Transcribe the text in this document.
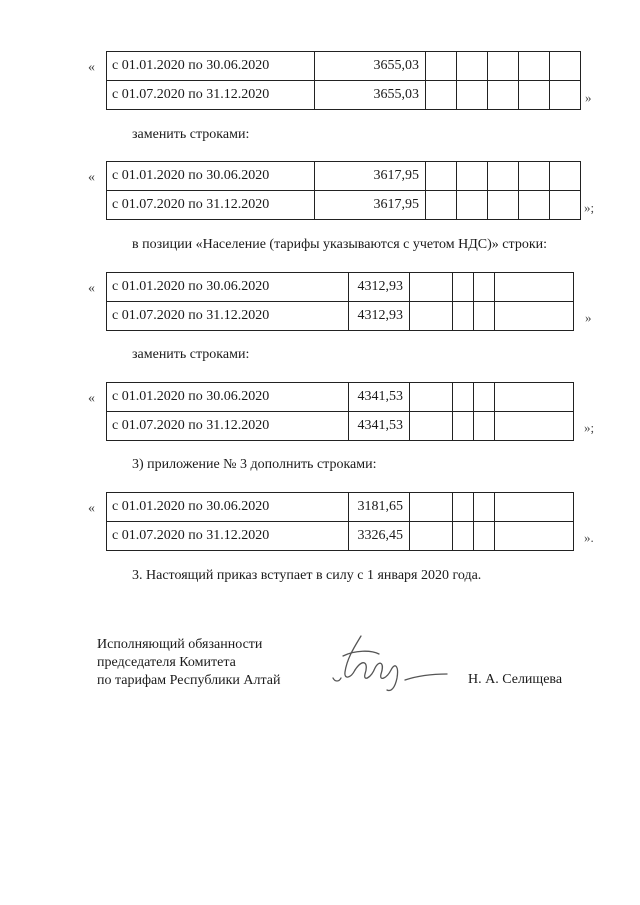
« с 01.01.2020 по 30.06.2020	3655,03					
с 01.07.2020 по 31.12.2020	3655,03						»
заменить строками:
« с 01.01.2020 по 30.06.2020	3617,95					
с 01.07.2020 по 31.12.2020	3617,95						»;
в позиции «Население (тарифы указываются с учетом НДС)» строки:
« с 01.01.2020 по 30.06.2020	4312,93				
с 01.07.2020 по 31.12.2020	4312,93					»
заменить строками:
« с 01.01.2020 по 30.06.2020	4341,53				
с 01.07.2020 по 31.12.2020	4341,53					»;
3) приложение № 3 дополнить строками:
« с 01.01.2020 по 30.06.2020	3181,65				
с 01.07.2020 по 31.12.2020	3326,45					».
3. Настоящий приказ вступает в силу с 1 января 2020 года.
Исполняющий обязанности
председателя Комитета
по тарифам Республики Алтай	Н. А. Селищева
